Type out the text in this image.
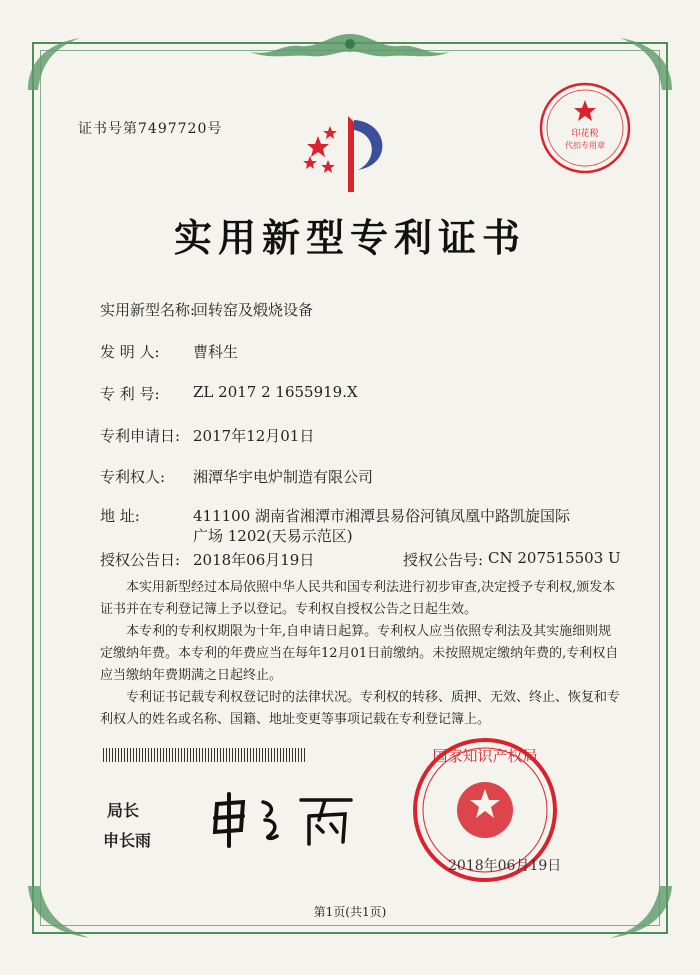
证书号第7497720号	印花税
代扣专用章
实用新型专利证书
实用新型名称:
回转窑及煅烧设备
发 明 人: 曹科生
专 利 号: ZL 2017 2 1655919.X
专利申请日: 2017年12月01日
专利权人: 湘潭华宇电炉制造有限公司
地 址:	411100 湖南省湘潭市湘潭县易俗河镇凤凰中路凯旋国际
广场 1202(天易示范区)
授权公告日: 2018年06月19日	授权公告号: CN 207515503 U
本实用新型经过本局依照中华人民共和国专利法进行初步审查,决定授予专利权,颁发本证书并在专利登记簿上予以登记。专利权自授权公告之日起生效。
本专利的专利权期限为十年,自申请日起算。专利权人应当依照专利法及其实施细则规定缴纳年费。本专利的年费应当在每年12月01日前缴纳。未按照规定缴纳年费的,专利权自应当缴纳年费期满之日起终止。
专利证书记载专利权登记时的法律状况。专利权的转移、质押、无效、终止、恢复和专利权人的姓名或名称、国籍、地址变更等事项记载在专利登记簿上。
局长
申长雨
国家知识产权局
2018年06月19日
第1页(共1页)
